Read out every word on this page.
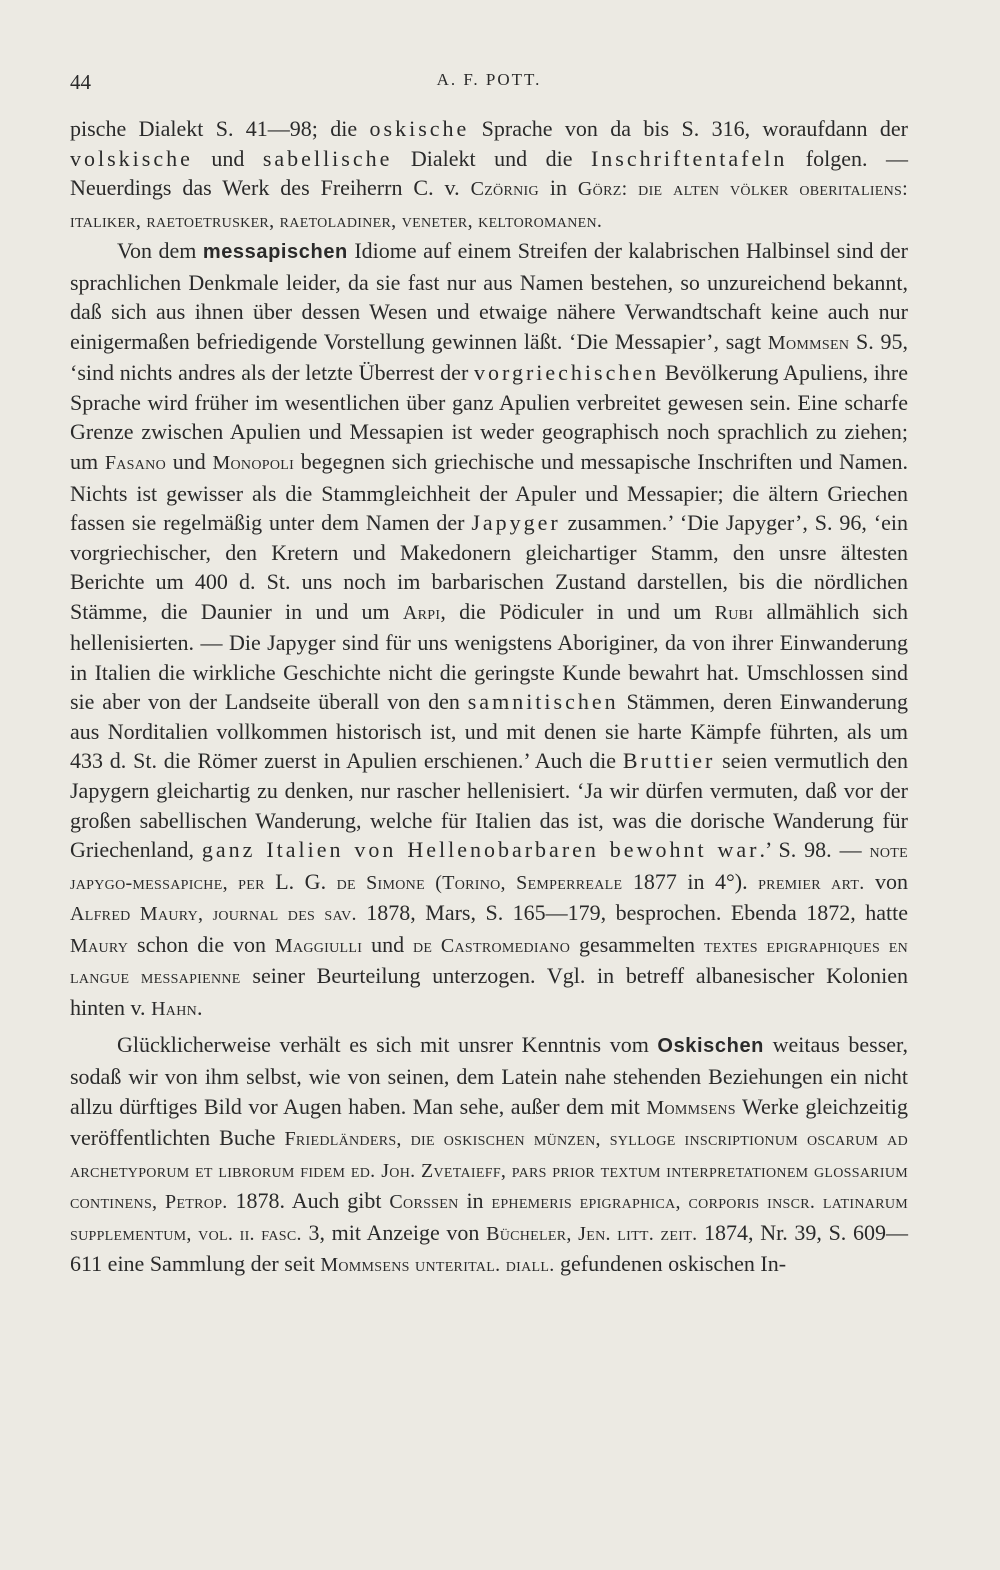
44	A. F. POTT.

pische Dialekt S. 41—98; die oskische Sprache von da bis S. 316, woraufdann der volskische und sabellische Dialekt und die Inschriftentafeln folgen. — Neuerdings das Werk des Freiherrn C. v. Czörnig in Görz: die alten völker oberitaliens: italiker, raetoetrusker, raetoladiner, veneter, keltoromanen.

Von dem messapischen Idiome auf einem Streifen der kalabrischen Halbinsel sind der sprachlichen Denkmale leider, da sie fast nur aus Namen bestehen, so unzureichend bekannt, daß sich aus ihnen über dessen Wesen und etwaige nähere Verwandtschaft keine auch nur einigermaßen befriedigende Vorstellung gewinnen läßt. ‘Die Messapier’, sagt Mommsen S. 95, ‘sind nichts andres als der letzte Überrest der vorgriechischen Bevölkerung Apuliens, ihre Sprache wird früher im wesentlichen über ganz Apulien verbreitet gewesen sein. Eine scharfe Grenze zwischen Apulien und Messapien ist weder geographisch noch sprachlich zu ziehen; um Fasano und Monopoli begegnen sich griechische und messapische Inschriften und Namen. Nichts ist gewisser als die Stammgleichheit der Apuler und Messapier; die ältern Griechen fassen sie regelmäßig unter dem Namen der Japyger zusammen.’ ‘Die Japyger’, S. 96, ‘ein vorgriechischer, den Kretern und Makedonern gleichartiger Stamm, den unsre ältesten Berichte um 400 d. St. uns noch im barbarischen Zustand darstellen, bis die nördlichen Stämme, die Daunier in und um Arpi, die Pödiculer in und um Rubi allmählich sich hellenisierten. — Die Japyger sind für uns wenigstens Aboriginer, da von ihrer Einwanderung in Italien die wirkliche Geschichte nicht die geringste Kunde bewahrt hat. Umschlossen sind sie aber von der Landseite überall von den samnitischen Stämmen, deren Einwanderung aus Norditalien vollkommen historisch ist, und mit denen sie harte Kämpfe führten, als um 433 d. St. die Römer zuerst in Apulien erschienen.’ Auch die Bruttier seien vermutlich den Japygern gleichartig zu denken, nur rascher hellenisiert. ‘Ja wir dürfen vermuten, daß vor der großen sabellischen Wanderung, welche für Italien das ist, was die dorische Wanderung für Griechenland, ganz Italien von Hellenobarbaren bewohnt war.’ S. 98. — note japygo-messapiche, per L. G. de Simone (Torino, Semperreale 1877 in 4°). premier art. von Alfred Maury, journal des sav. 1878, Mars, S. 165—179, besprochen. Ebenda 1872, hatte Maury schon die von Maggiulli und de Castromediano gesammelten textes epigraphiques en langue messapienne seiner Beurteilung unterzogen. Vgl. in betreff albanesischer Kolonien hinten v. Hahn.

Glücklicherweise verhält es sich mit unsrer Kenntnis vom Oskischen weitaus besser, sodaß wir von ihm selbst, wie von seinen, dem Latein nahe stehenden Beziehungen ein nicht allzu dürftiges Bild vor Augen haben. Man sehe, außer dem mit Mommsens Werke gleichzeitig veröffentlichten Buche Friedländers, die oskischen münzen, sylloge inscriptionum oscarum ad archetyporum et librorum fidem ed. Joh. Zvetaieff, pars prior textum interpretationem glossarium continens, Petrop. 1878. Auch gibt Corssen in ephemeris epigraphica, corporis inscr. latinarum supplementum, vol. ii. fasc. 3, mit Anzeige von Bücheler, Jen. litt. zeit. 1874, Nr. 39, S. 609—611 eine Sammlung der seit Mommsens unterital. diall. gefundenen oskischen In-
